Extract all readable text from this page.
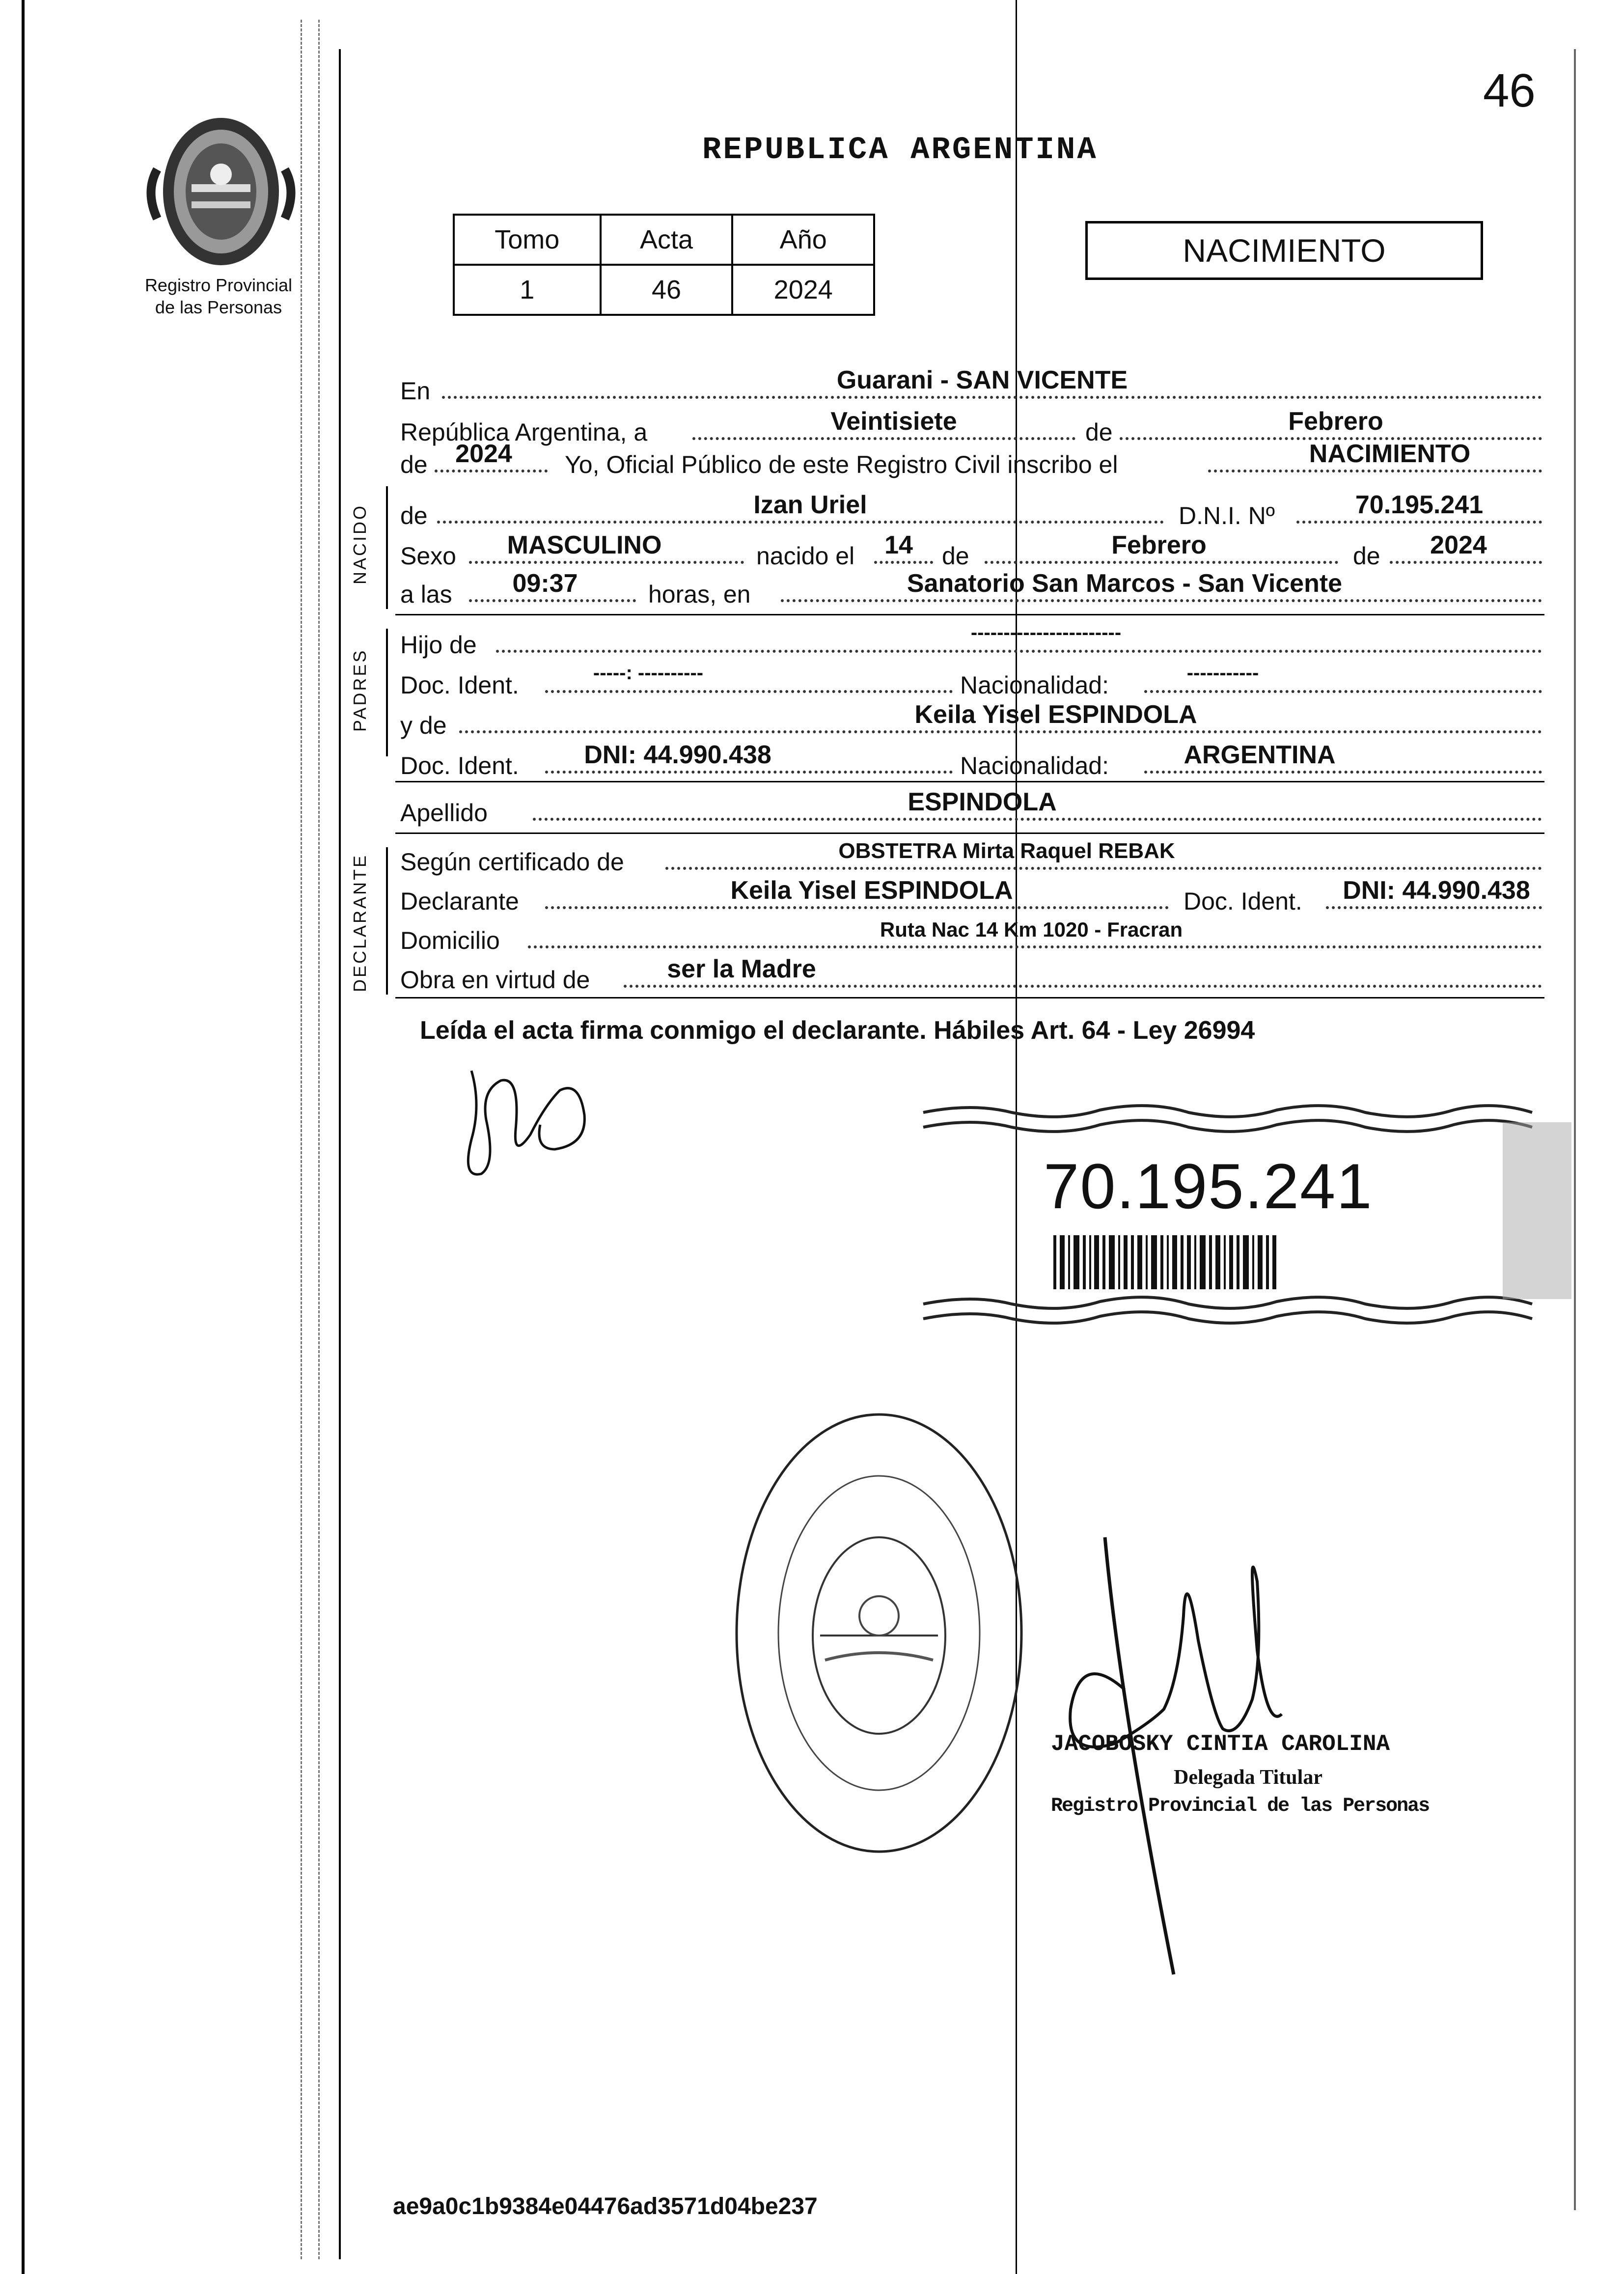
46
Registro Provincial
de las Personas
REPUBLICA ARGENTINA
Tomo	Acta	Año
1	46	2024
NACIMIENTO
En	Guarani - SAN VICENTE
República Argentina, a	Veintisiete	de	Febrero
de	2024	Yo, Oficial Público de este Registro Civil inscribo el	NACIMIENTO
NACIDO de	Izan Uriel	D.N.I. Nº	70.195.241
Sexo	MASCULINO	nacido el	14	de	Febrero	de	2024
a las	09:37	horas, en	Sanatorio San Marcos - San Vicente
PADRES
Hijo de	-----------------------
Doc. Ident.	-----: ----------	Nacionalidad:	-----------
y de	Keila Yisel ESPINDOLA
Doc. Ident.	DNI: 44.990.438	Nacionalidad:	ARGENTINA
Apellido	ESPINDOLA
DECLARANTE Según certificado de	OBSTETRA Mirta Raquel REBAK
Declarante	Keila Yisel ESPINDOLA	Doc. Ident.	DNI: 44.990.438
Domicilio	Ruta Nac 14 Km 1020 - Fracran
Obra en virtud de	ser la Madre
Leída el acta firma conmigo el declarante. Hábiles Art. 64 - Ley 26994
70.195.241
JACOBOSKY CINTIA CAROLINA
Delegada Titular
Registro Provincial de las Personas
ae9a0c1b9384e04476ad3571d04be237
